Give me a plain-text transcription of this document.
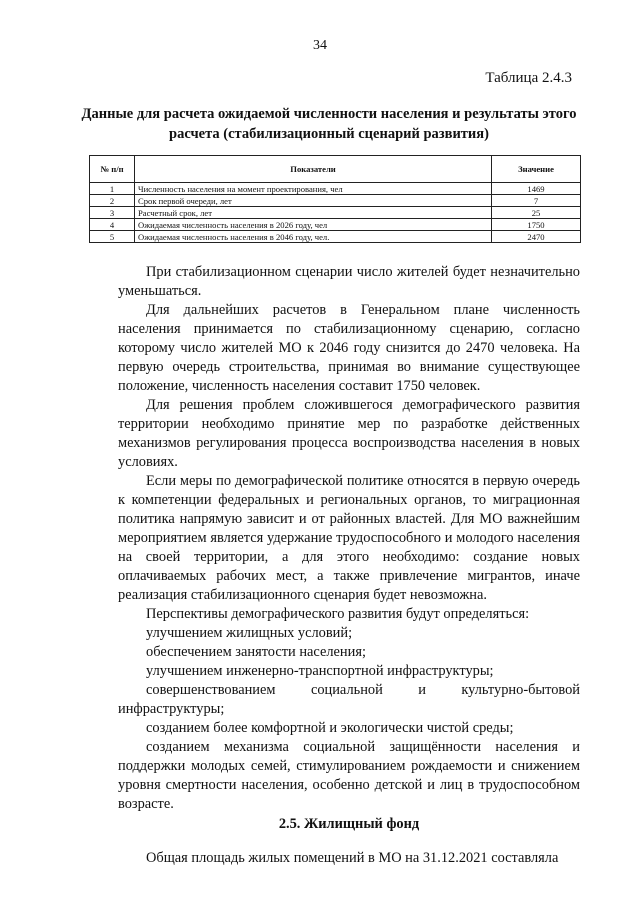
34
Таблица 2.4.3
Данные для расчета ожидаемой численности населения и результаты этого расчета (стабилизационный сценарий развития)
№ п/п	Показатели	Значение
1	Численность населения на момент проектирования, чел	1469
2	Срок первой очереди, лет	7
3	Расчетный срок, лет	25
4	Ожидаемая численность населения в 2026 году, чел	1750
5	Ожидаемая численность населения в 2046 году, чел.	2470

При стабилизационном сценарии число жителей будет незначительно уменьшаться.

Для дальнейших расчетов в Генеральном плане численность населения принимается по стабилизационному сценарию, согласно которому число жителей МО к 2046 году снизится до 2470 человека. На первую очередь строительства, принимая во внимание существующее положение, численность населения составит 1750 человек.

Для решения проблем сложившегося демографического развития территории необходимо принятие мер по разработке действенных механизмов регулирования процесса воспроизводства населения в новых условиях.

Если меры по демографической политике относятся в первую очередь к компетенции федеральных и региональных органов, то миграционная политика напрямую зависит и от районных властей. Для МО важнейшим мероприятием является удержание трудоспособного и молодого населения на своей территории, а для этого необходимо: создание новых оплачиваемых рабочих мест, а также привлечение мигрантов, иначе реализация стабилизационного сценария будет невозможна.

Перспективы демографического развития будут определяться:

улучшением жилищных условий;

обеспечением занятости населения;

улучшением инженерно-транспортной инфраструктуры;

совершенствованием социальной и культурно-бытовой инфраструктуры;

созданием более комфортной и экологически чистой среды;

созданием механизма социальной защищённости населения и поддержки молодых семей, стимулированием рождаемости и снижением уровня смертности населения, особенно детской и лиц в трудоспособном возрасте.

2.5. Жилищный фонд

Общая площадь жилых помещений в МО на 31.12.2021 составляла
